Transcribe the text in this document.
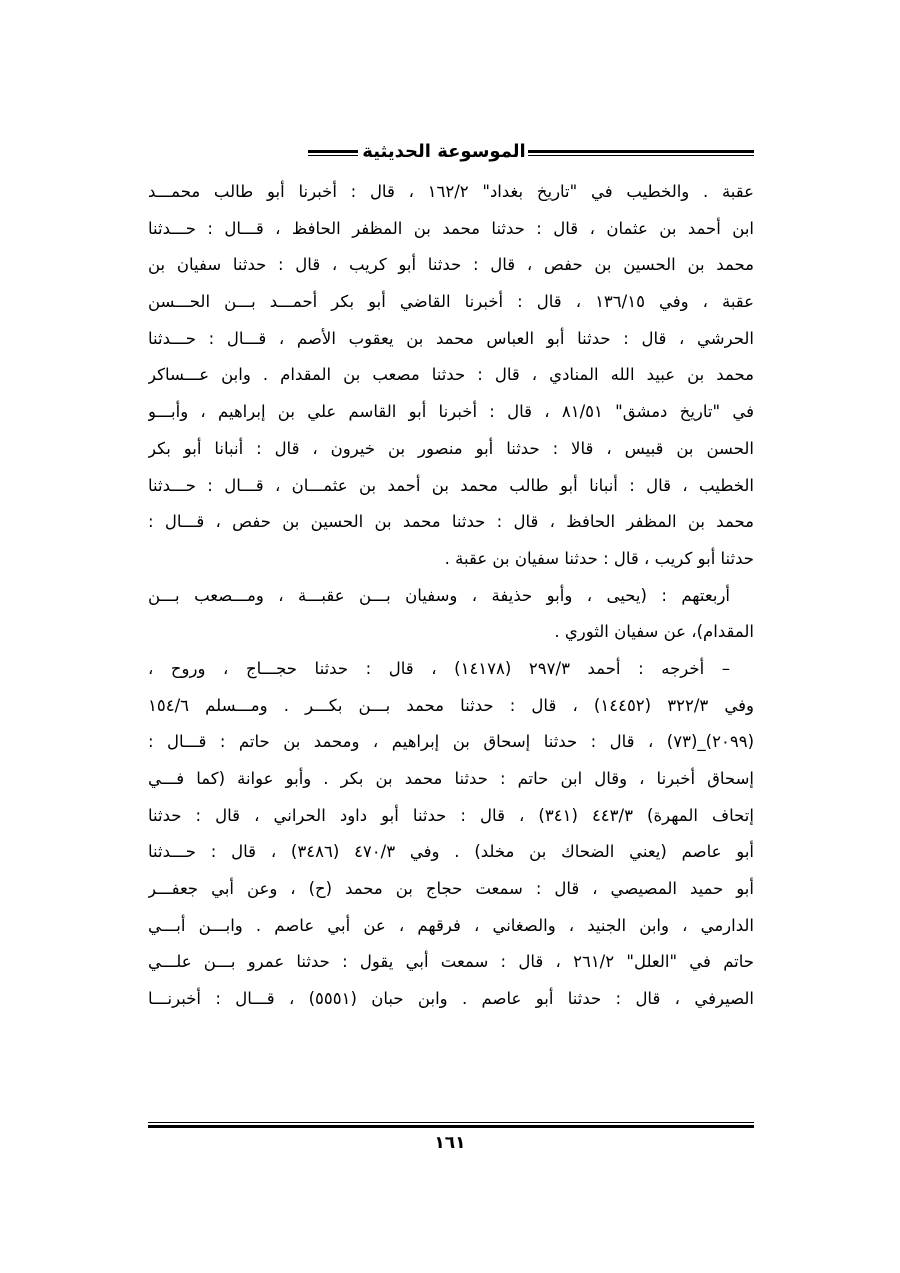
الموسوعة الحديثية
عقبة . والخطيب في "تاريخ بغداد" ١٦٢/٢ ، قال : أخبرنا أبو طالب محمـــد
ابن أحمد بن عثمان ، قال : حدثنا محمد بن المظفر الحافظ ، قـــال : حـــدثنا
محمد بن الحسين بن حفص ، قال : حدثنا أبو كريب ، قال : حدثنا سفيان بن
عقبة ، وفي ١٣٦/١٥ ، قال : أخبرنا القاضي أبو بكر أحمـــد بـــن الحـــسن
الحرشي ، قال : حدثنا أبو العباس محمد بن يعقوب الأصم ، قـــال : حـــدثنا
محمد بن عبيد الله المنادي ، قال : حدثنا مصعب بن المقدام . وابن عـــساكر
في "تاريخ دمشق" ٨١/٥١ ، قال : أخبرنا أبو القاسم علي بن إبراهيم ، وأبـــو
الحسن بن قبيس ، قالا : حدثنا أبو منصور بن خيرون ، قال : أنبانا أبو بكر
الخطيب ، قال : أنبانا أبو طالب محمد بن أحمد بن عثمـــان ، قـــال : حـــدثنا
محمد بن المظفر الحافظ ، قال : حدثنا محمد بن الحسين بن حفص ، قـــال :
حدثنا أبو كريب ، قال : حدثنا سفيان بن عقبة .
أربعتهم : (يحيى ، وأبو حذيفة ، وسفيان بـــن عقبـــة ، ومـــصعب بـــن
المقدام)، عن سفيان الثوري .
– أخرجه : أحمد ٢٩٧/٣ (١٤١٧٨) ، قال : حدثنا حجـــاج ، وروح ،
وفي ٣٢٢/٣ (١٤٤٥٢) ، قال : حدثنا محمد بـــن بكـــر . ومـــسلم ١٥٤/٦
(٢٠٩٩)_(٧٣) ، قال : حدثنا إسحاق بن إبراهيم ، ومحمد بن حاتم : قـــال :
إسحاق أخبرنا ، وقال ابن حاتم : حدثنا محمد بن بكر . وأبو عوانة (كما فـــي
إتحاف المهرة) ٤٤٣/٣ (٣٤١) ، قال : حدثنا أبو داود الحراني ، قال : حدثنا
أبو عاصم (يعني الضحاك بن مخلد) . وفي ٤٧٠/٣ (٣٤٨٦) ، قال : حـــدثنا
أبو حميد المصيصي ، قال : سمعت حجاج بن محمد (ح) ، وعن أبي جعفـــر
الدارمي ، وابن الجنيد ، والصغاني ، فرقهم ، عن أبي عاصم . وابـــن أبـــي
حاتم في "العلل" ٢٦١/٢ ، قال : سمعت أبي يقول : حدثنا عمرو بـــن علـــي
الصيرفي ، قال : حدثنا أبو عاصم . وابن حبان (٥٥٥١) ، قـــال : أخبرنـــا
١٦١
